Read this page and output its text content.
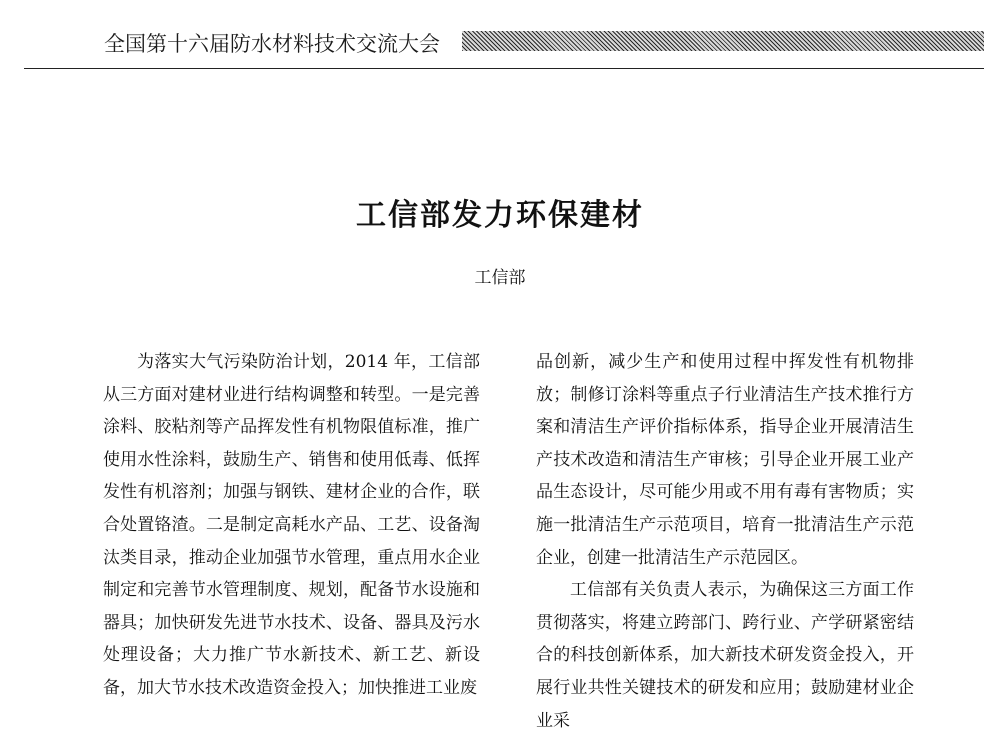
全国第十六届防水材料技术交流大会
工信部发力环保建材
工信部

为落实大气污染防治计划，2014 年，工信部从三方面对建材业进行结构调整和转型。一是完善涂料、胶粘剂等产品挥发性有机物限值标准，推广使用水性涂料，鼓励生产、销售和使用低毒、低挥发性有机溶剂；加强与钢铁、建材企业的合作，联合处置铬渣。二是制定高耗水产品、工艺、设备淘汰类目录，推动企业加强节水管理，重点用水企业制定和完善节水管理制度、规划，配备节水设施和器具；加快研发先进节水技术、设备、器具及污水处理设备；大力推广节水新技术、新工艺、新设备，加大节水技术改造资金投入；加快推进工业废

品创新，减少生产和使用过程中挥发性有机物排放；制修订涂料等重点子行业清洁生产技术推行方案和清洁生产评价指标体系，指导企业开展清洁生产技术改造和清洁生产审核；引导企业开展工业产品生态设计，尽可能少用或不用有毒有害物质；实施一批清洁生产示范项目，培育一批清洁生产示范企业，创建一批清洁生产示范园区。

工信部有关负责人表示，为确保这三方面工作贯彻落实，将建立跨部门、跨行业、产学研紧密结合的科技创新体系，加大新技术研发资金投入，开展行业共性关键技术的研发和应用；鼓励建材业企业采
